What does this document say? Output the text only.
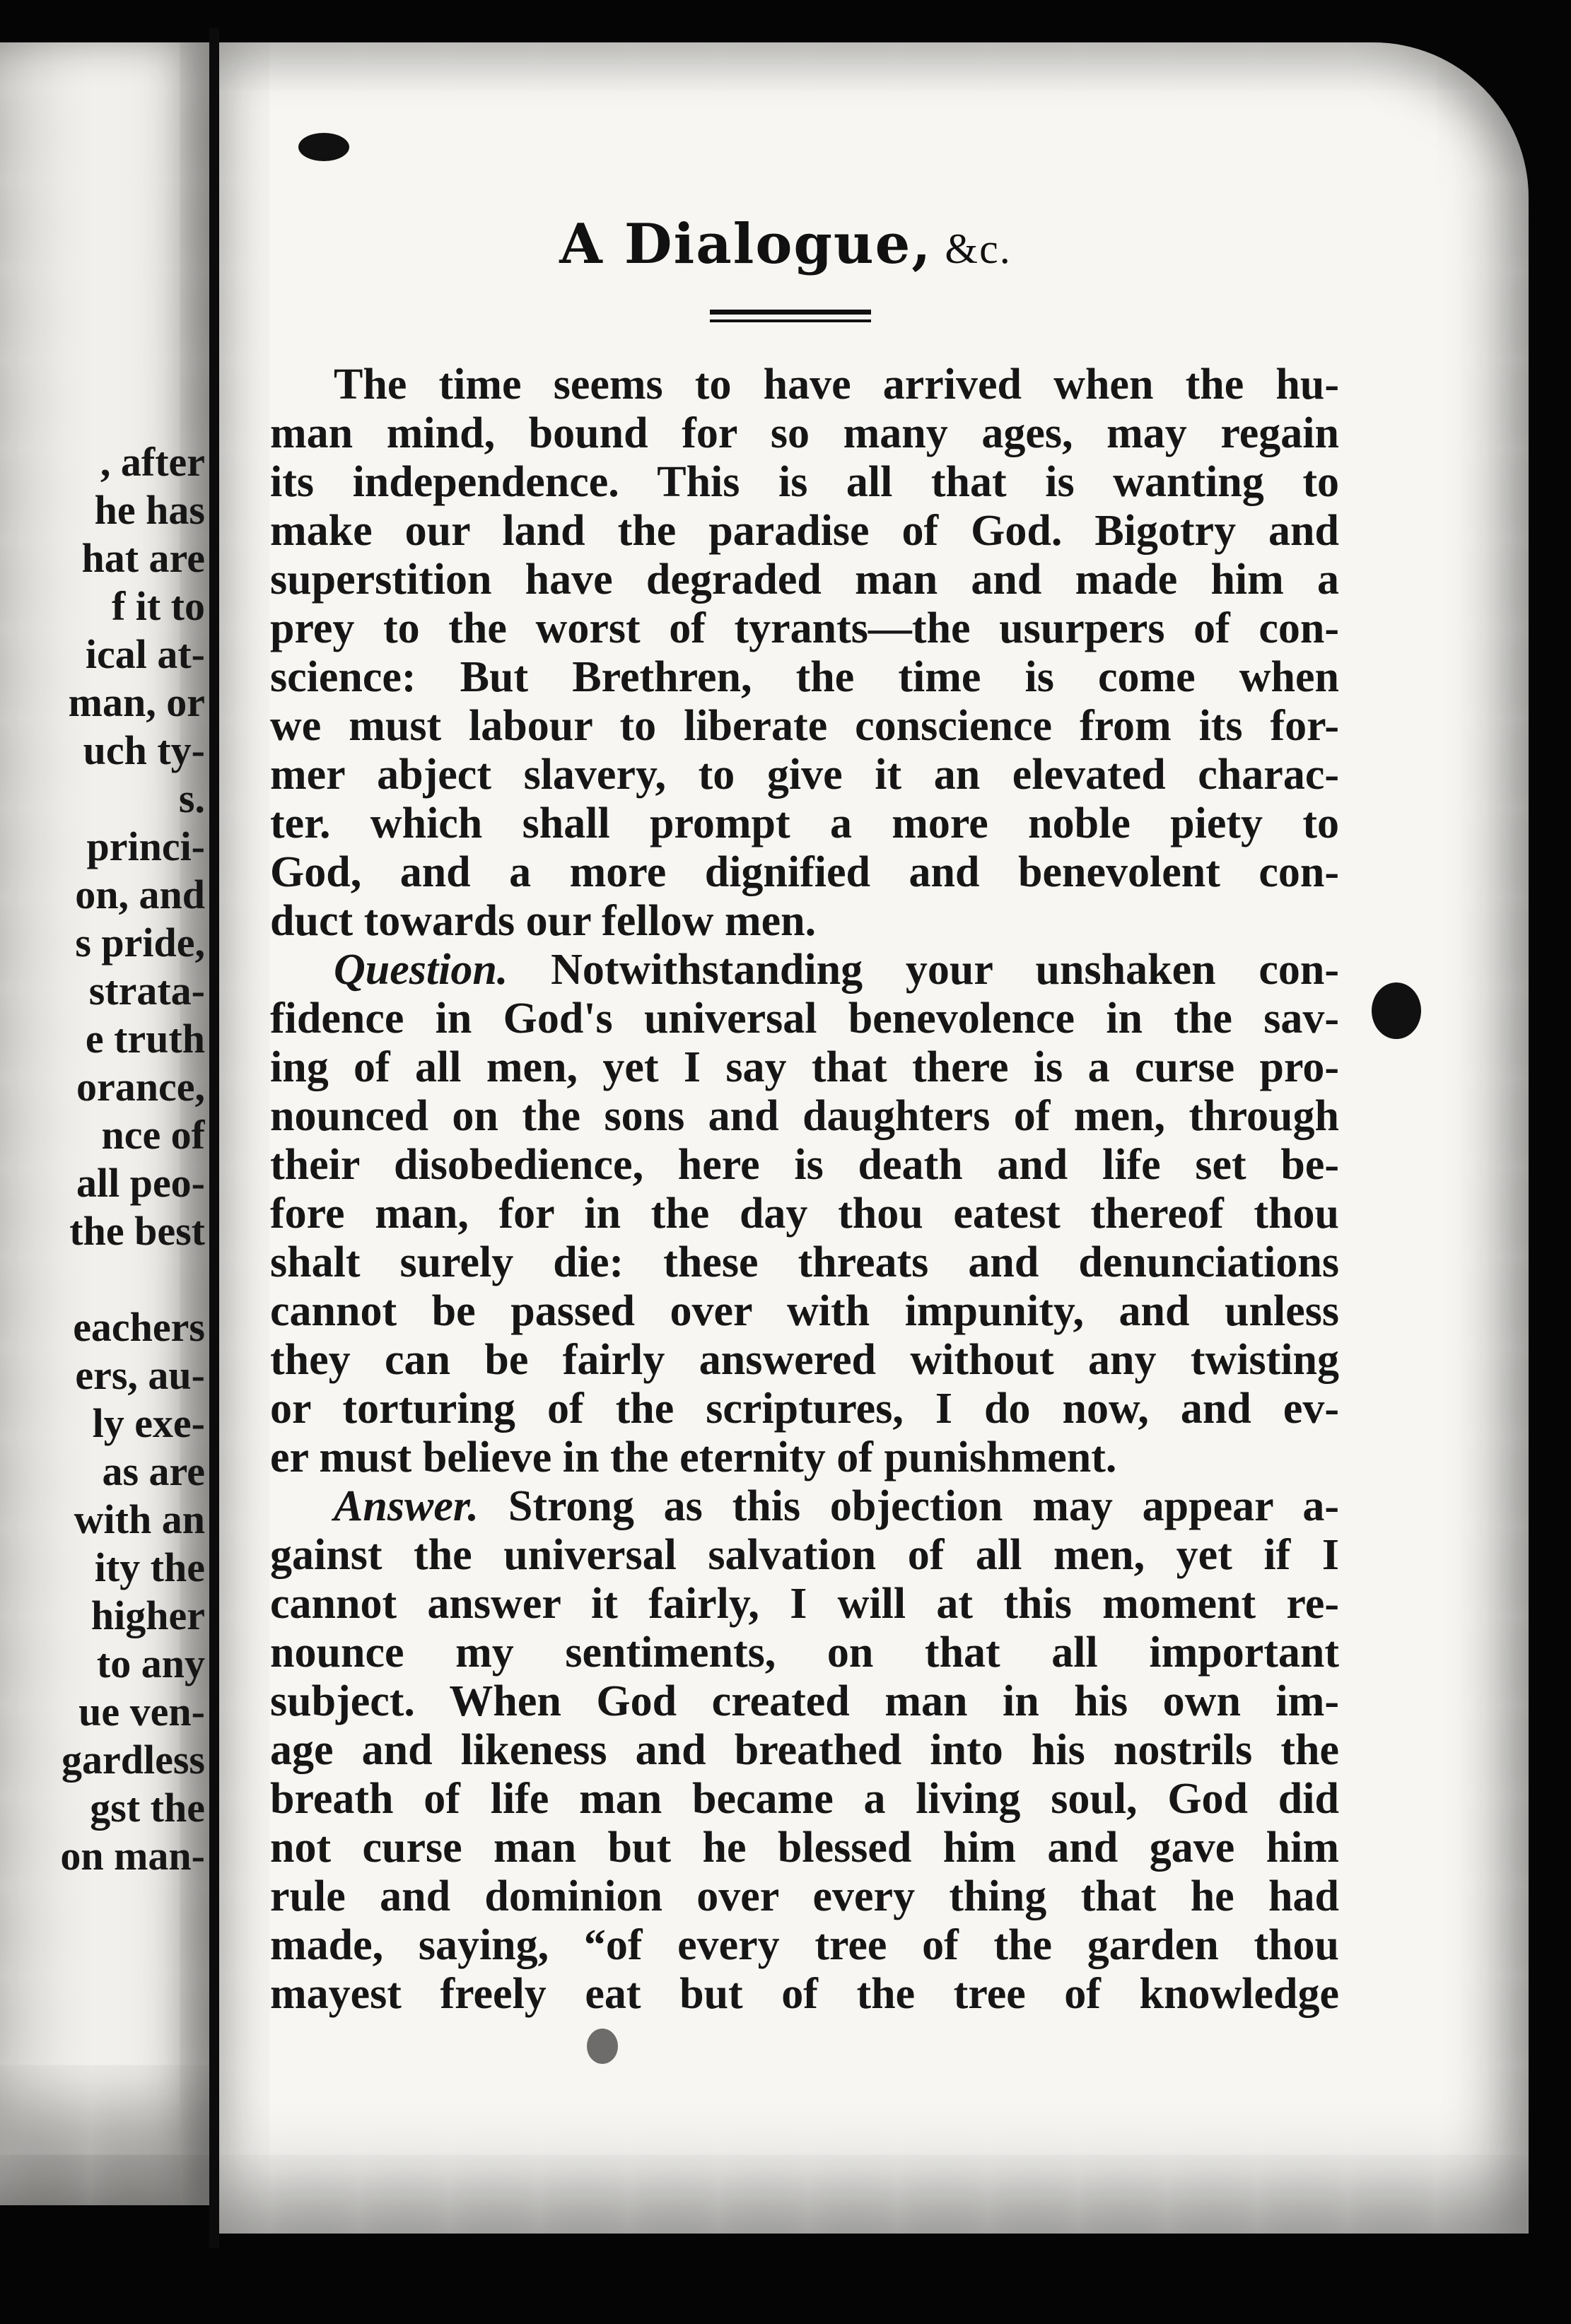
, after
he has
hat are
f it to
ical at-
man, or
uch ty-
s.
princi-
on, and
s pride,
strata-
e truth
orance,
nce of
all peo-
the best
eachers
ers, au-
ly exe-
as are
with an
ity the
higher
to any
ue ven-
gardless
gst the
on man-
A Dialogue, &c.
The time seems to have arrived when the hu-
man mind, bound for so many ages, may regain
its independence. This is all that is wanting to
make our land the paradise of God. Bigotry and
superstition have degraded man and made him a
prey to the worst of tyrants—the usurpers of con-
science: But Brethren, the time is come when
we must labour to liberate conscience from its for-
mer abject slavery, to give it an elevated charac-
ter. which shall prompt a more noble piety to
God, and a more dignified and benevolent con-
duct towards our fellow men.
Question. Notwithstanding your unshaken con-
fidence in God's universal benevolence in the sav-
ing of all men, yet I say that there is a curse pro-
nounced on the sons and daughters of men, through
their disobedience, here is death and life set be-
fore man, for in the day thou eatest thereof thou
shalt surely die: these threats and denunciations
cannot be passed over with impunity, and unless
they can be fairly answered without any twisting
or torturing of the scriptures, I do now, and ev-
er must believe in the eternity of punishment.
Answer. Strong as this objection may appear a-
gainst the universal salvation of all men, yet if I
cannot answer it fairly, I will at this moment re-
nounce my sentiments, on that all important
subject. When God created man in his own im-
age and likeness and breathed into his nostrils the
breath of life man became a living soul, God did
not curse man but he blessed him and gave him
rule and dominion over every thing that he had
made, saying, “of every tree of the garden thou
mayest freely eat but of the tree of knowledge
